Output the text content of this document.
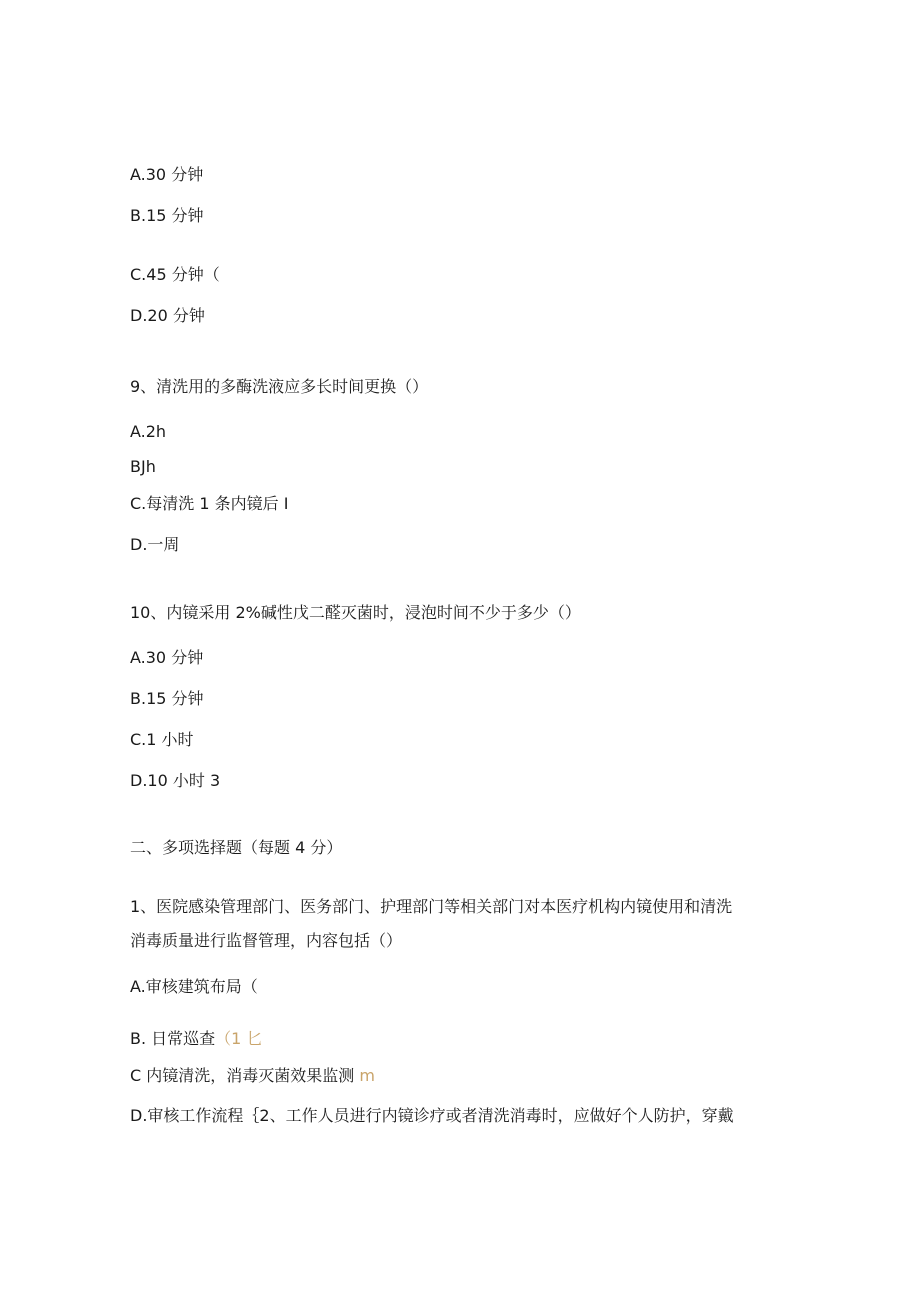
A.30 分钟
B.15 分钟
C.45 分钟（
D.20 分钟
9、清洗用的多酶洗液应多长时间更换（）
A.2h
BJh
C.每清洗 1 条内镜后 I
D.一周
10、内镜采用 2%碱性戊二醛灭菌时，浸泡时间不少于多少（）
A.30 分钟
B.15 分钟
C.1 小时
D.10 小时 3
二、多项选择题（每题 4 分）
1、医院感染管理部门、医务部门、护理部门等相关部门对本医疗机构内镜使用和清洗
消毒质量进行监督管理，内容包括（）
A.审核建筑布局（
B. 日常巡查（1 匕
C 内镜清洗，消毒灭菌效果监测 m
D.审核工作流程｛2、工作人员进行内镜诊疗或者清洗消毒时，应做好个人防护，穿戴
